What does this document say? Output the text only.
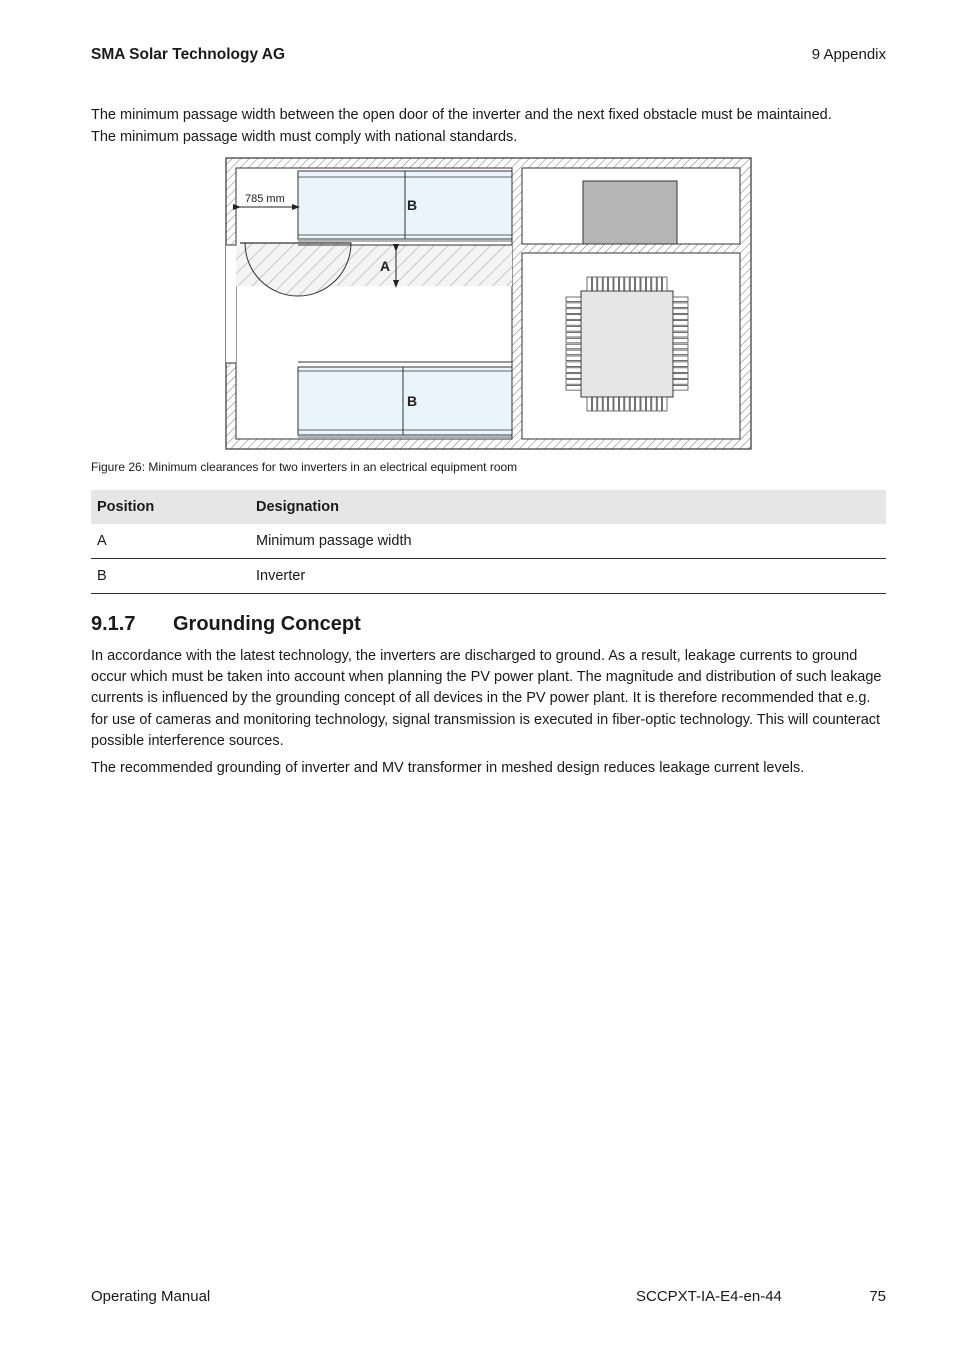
SMA Solar Technology AG	9 Appendix

The minimum passage width between the open door of the inverter and the next fixed obstacle must be maintained.

The minimum passage width must comply with national standards.

785 mm
A
B
B
Figure 26: Minimum clearances for two inverters in an electrical equipment room
Position	Designation
A	Minimum passage width
B	Inverter
9.1.7 Grounding Concept

In accordance with the latest technology, the inverters are discharged to ground. As a result, leakage currents to ground occur which must be taken into account when planning the PV power plant. The magnitude and distribution of such leakage currents is influenced by the grounding concept of all devices in the PV power plant. It is therefore recommended that e.g. for use of cameras and monitoring technology, signal transmission is executed in fiber-optic technology. This will counteract possible interference sources.

The recommended grounding of inverter and MV transformer in meshed design reduces leakage current levels.

Operating Manual	SCCPXT-IA-E4-en-44	75
